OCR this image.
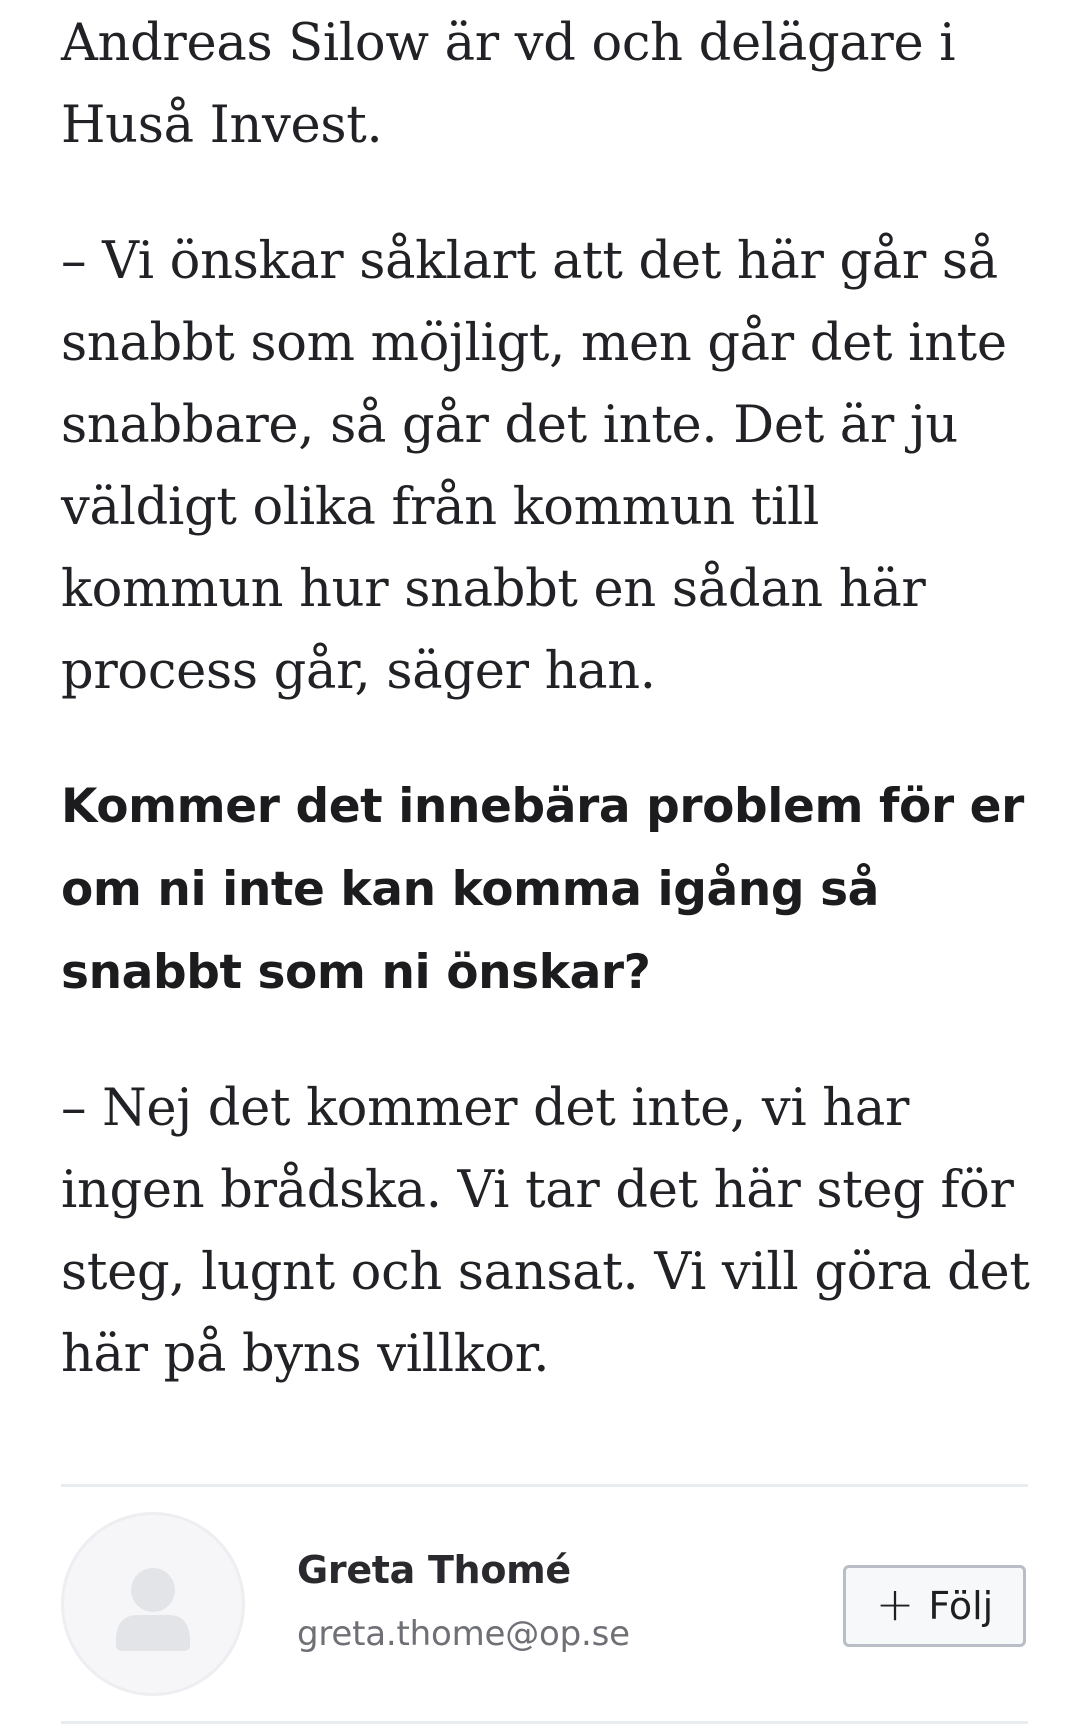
Andreas Silow är vd och delägare i
Huså Invest.

– Vi önskar såklart att det här går så
snabbt som möjligt, men går det inte
snabbare, så går det inte. Det är ju
väldigt olika från kommun till
kommun hur snabbt en sådan här
process går, säger han.

Kommer det innebära problem för er
om ni inte kan komma igång så
snabbt som ni önskar?

– Nej det kommer det inte, vi har
ingen brådska. Vi tar det här steg för
steg, lugnt och sansat. Vi vill göra det
här på byns villkor.

Greta Thomé
greta.thome@op.se
+ Följ
